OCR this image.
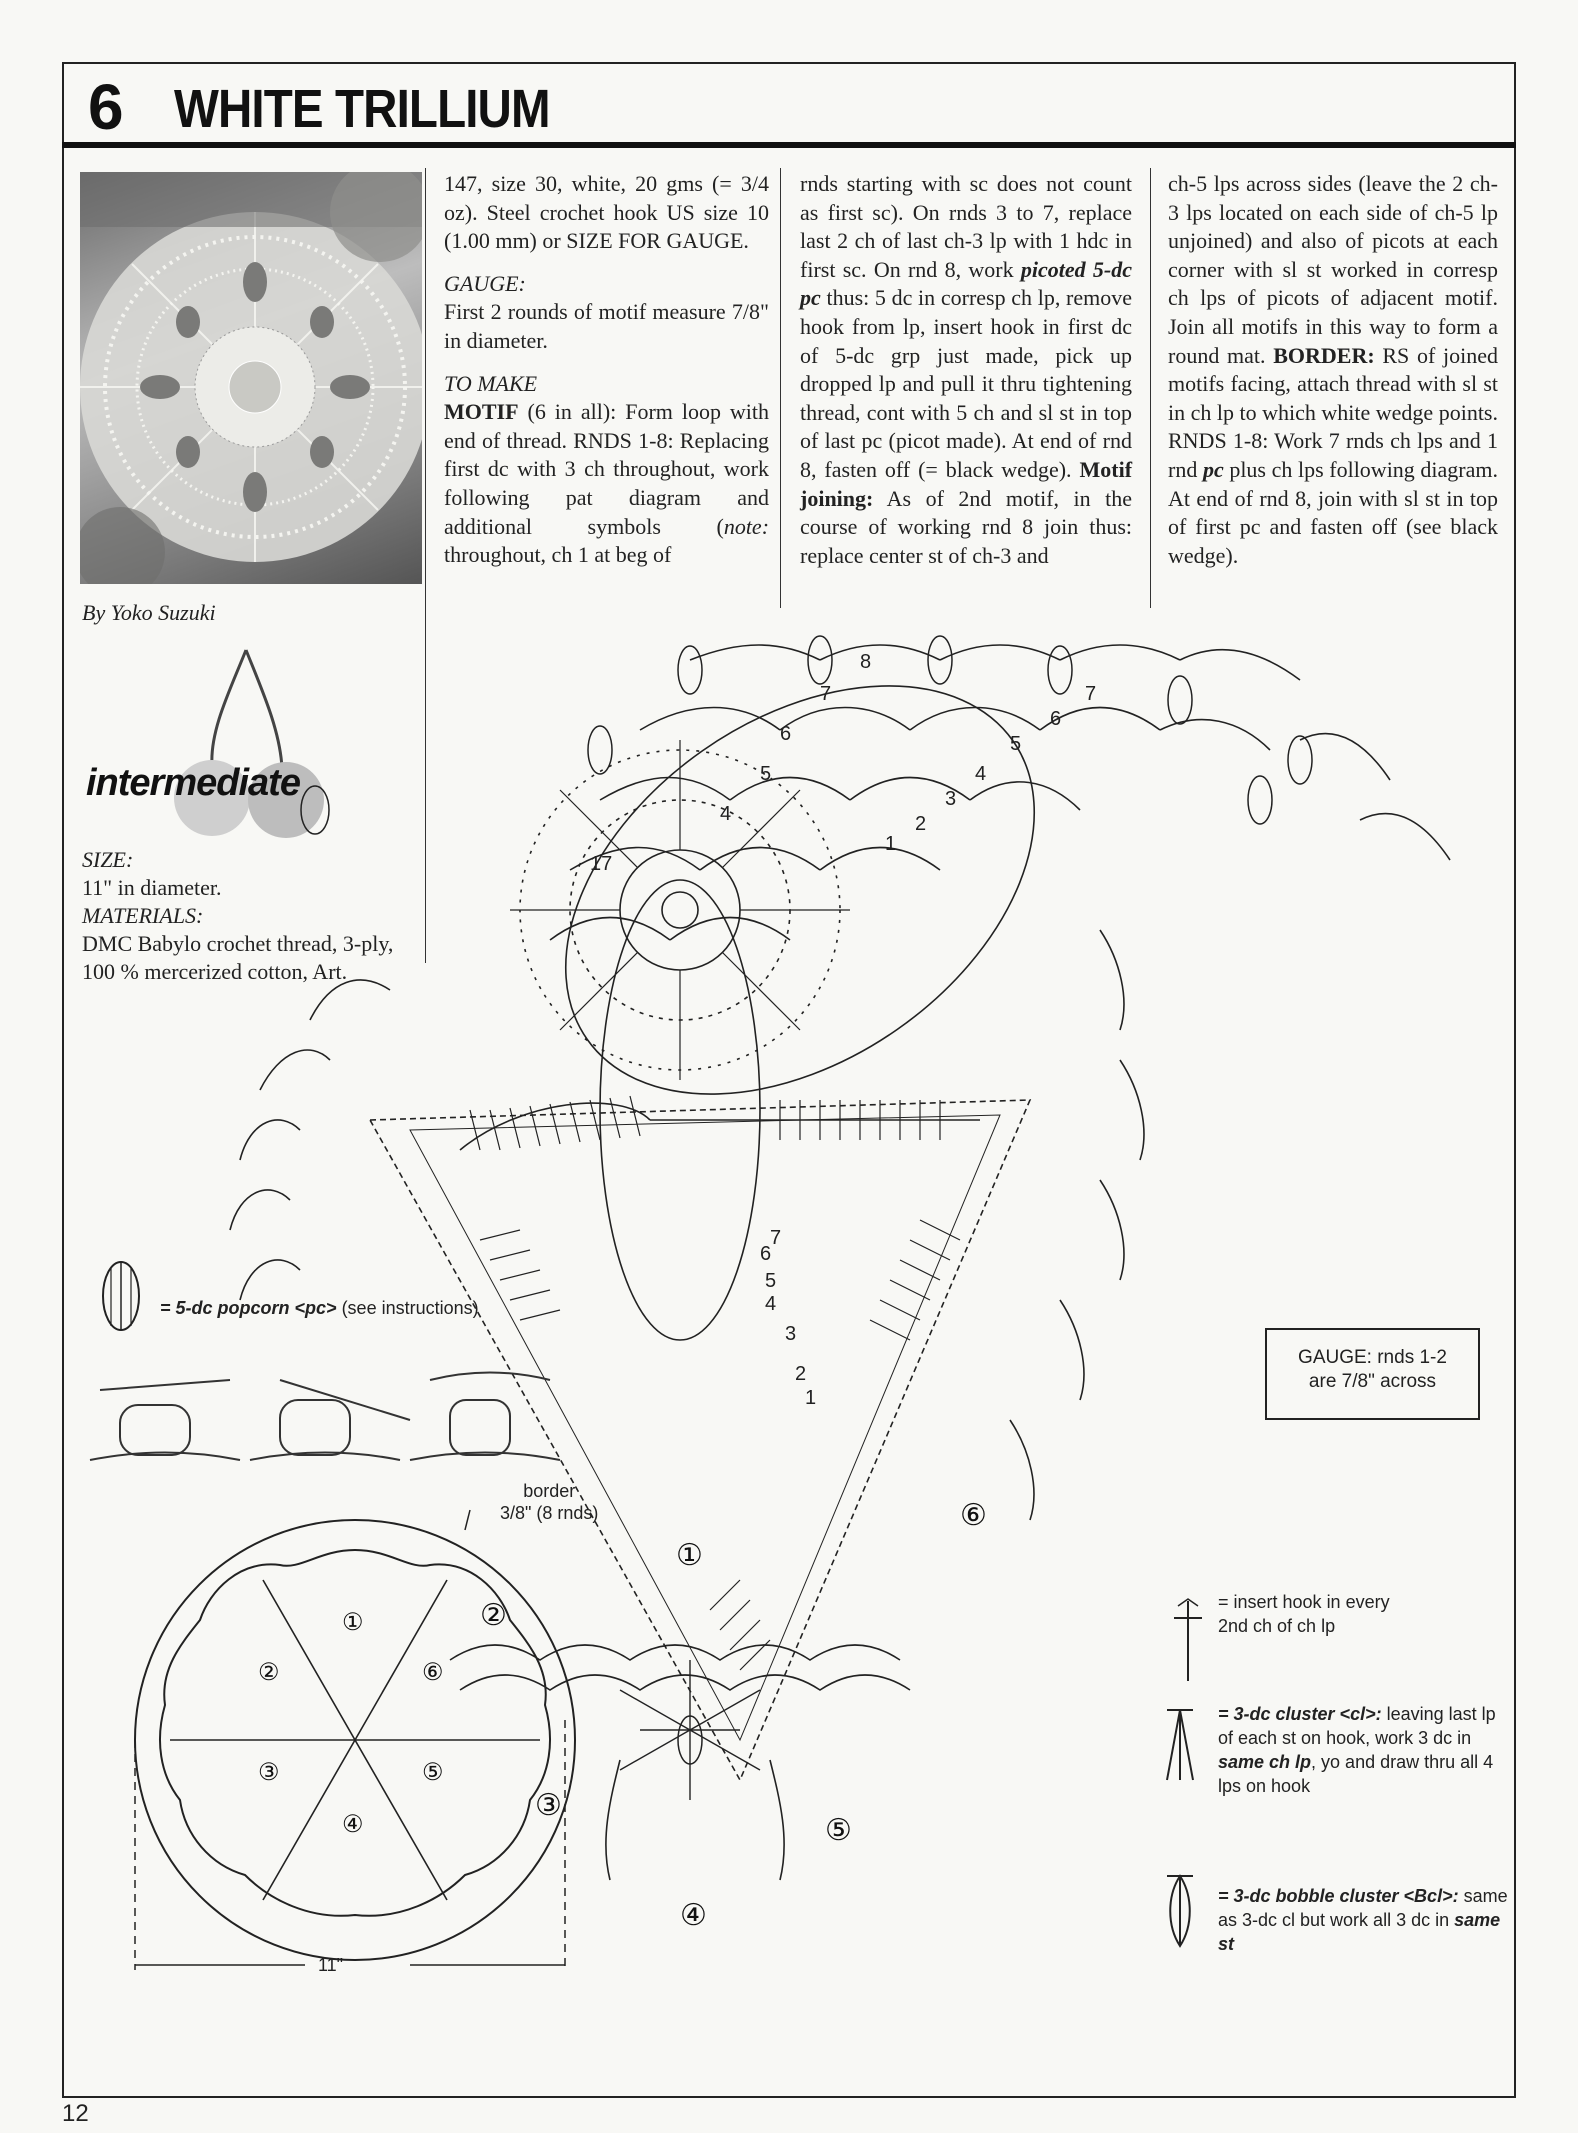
6 WHITE TRILLIUM
By Yoko Suzuki
intermediate
SIZE:
11" in diameter.

MATERIALS:
DMC Babylo crochet thread, 3-ply, 100 % mercerized cotton, Art.

147, size 30, white, 20 gms (= 3/4 oz). Steel crochet hook US size 10 (1.00 mm) or SIZE FOR GAUGE.

GAUGE:

First 2 rounds of motif measure 7/8" in diameter.

TO MAKE

MOTIF (6 in all): Form loop with end of thread. RNDS 1-8: Replacing first dc with 3 ch throughout, work following pat diagram and additional symbols (note: throughout, ch 1 at beg of

rnds starting with sc does not count as first sc). On rnds 3 to 7, replace last 2 ch of last ch-3 lp with 1 hdc in first sc. On rnd 8, work picoted 5-dc pc thus: 5 dc in corresp ch lp, remove hook from lp, insert hook in first dc of 5-dc grp just made, pick up dropped lp and pull it thru tightening thread, cont with 5 ch and sl st in top of last pc (picot made). At end of rnd 8, fasten off (= black wedge). Motif joining: As of 2nd motif, in the course of working rnd 8 join thus: replace center st of ch-3 and

ch-5 lps across sides (leave the 2 ch-3 lps located on each side of ch-5 lp unjoined) and also of picots at each corner with sl st worked in corresp ch lps of picots of adjacent motif. Join all motifs in this way to form a round mat. BORDER: RS of joined motifs facing, attach thread with sl st in ch lp to which white wedge points. RNDS 1-8: Work 7 rnds ch lps and 1 rnd pc plus ch lps following diagram. At end of rnd 8, join with sl st in top of first pc and fasten off (see black wedge).

4
5
6
7
8
1
2
3
4
5
6
7
6
7
5
4
3
2
1
17
①
②
③
④
⑤
⑥
= 5-dc popcorn <pc> (see instructions)
①
②
③
④
⑤
⑥
border
3/8" (8 rnds)
11"
GAUGE: rnds 1-2
are 7/8" across
= insert hook in every
2nd ch of ch lp
= 3-dc cluster <cl>: leaving last lp of each st on hook, work 3 dc in same ch lp, yo and draw thru all 4 lps on hook
= 3-dc bobble cluster <Bcl>: same as 3-dc cl but work all 3 dc in same st
12
